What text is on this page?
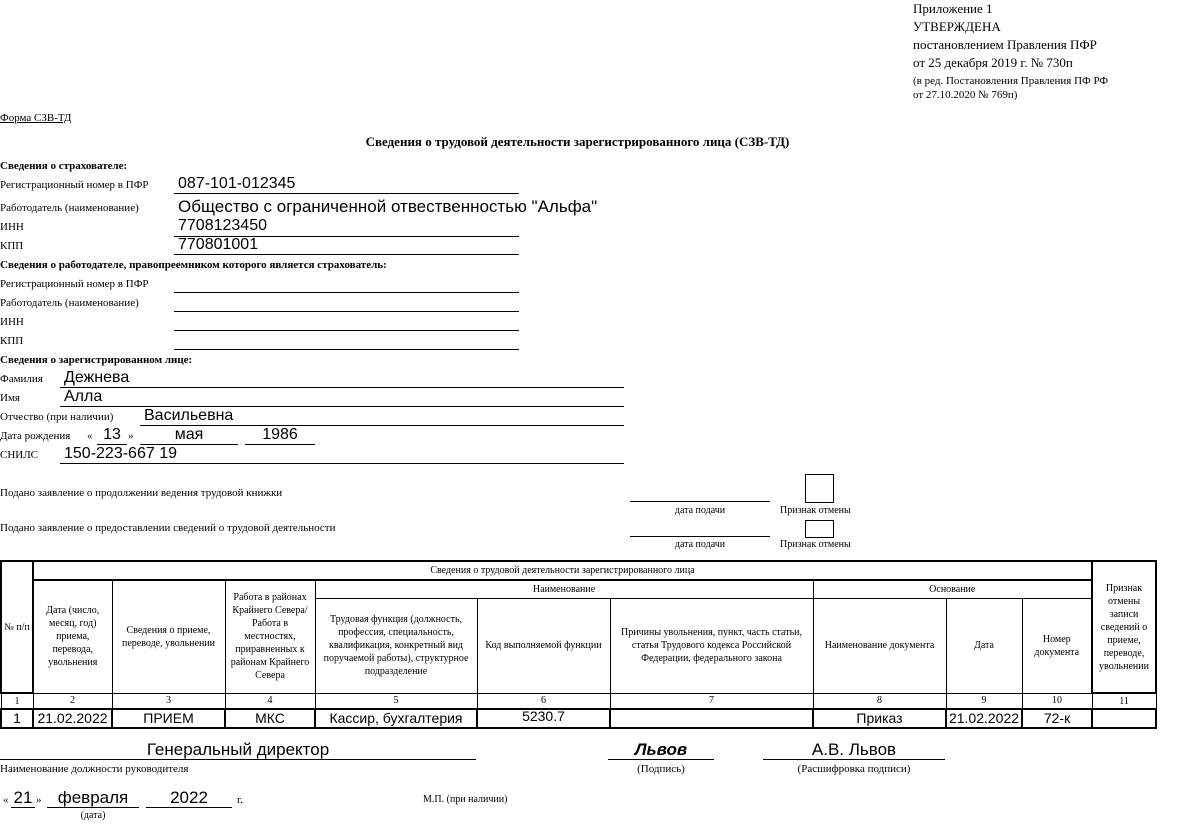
Приложение 1
УТВЕРЖДЕНА
постановлением Правления ПФР
от 25 декабря 2019 г. № 730п
(в ред. Постановления Правления ПФ РФ
от 27.10.2020 № 769п)
Форма СЗВ-ТД
Сведения о трудовой деятельности зарегистрированного лица (СЗВ-ТД)
Сведения о страхователе:
Регистрационный номер в ПФР 087-101-012345
Работодатель (наименование) Общество с ограниченной отвественностью "Альфа"
ИНН	7708123450
КПП	770801001
Сведения о работодателе, правопреемником которого является страхователь:
Регистрационный номер в ПФР
Работодатель (наименование)
ИНН
КПП
Сведения о зарегистрированном лице:
Фамилия Дежнева
Имя	Алла
Отчество (при наличии) Васильевна
Дата рождения « 13 »	мая	1986
СНИЛС 150-223-667 19
Подано заявление о продолжении ведения трудовой книжки
дата подачи	Признак отмены
Подано заявление о предоставлении сведений о трудовой деятельности
дата подачи	Признак отмены
№ п/п	Сведения о трудовой деятельности зарегистрированного лица									Признак отмены записи сведений о приеме, переводе, увольнении
	Дата (число, месяц, год) приема, перевода, увольнения	Сведения о приеме, переводе, увольнении	Работа в районах Крайнего Севера/Работа в местностях, приравненных к районам Крайнего Севера	Наименование			Основание			
				Трудовая функция (должность, профессия, специальность, квалификация, конкретный вид поручаемой работы), структурное подразделение	Код выполняемой функции	Причины увольнения, пункт, часть статьи, статья Трудового кодекса Российской Федерации, федерального закона	Наименование документа	Дата	Номер документа	
1	2	3	4	5	6	7	8	9	10	11
1	21.02.2022	ПРИЕМ	МКС	Кассир, бухгалтерия	5230.7		Приказ	21.02.2022	72-к	
Генеральный директор
Наименование должности руководителя
Львов
(Подпись)
А.В. Львов
(Расшифровка подписи)
« 21 » февраля	2022	г.
(дата)
М.П. (при наличии)
